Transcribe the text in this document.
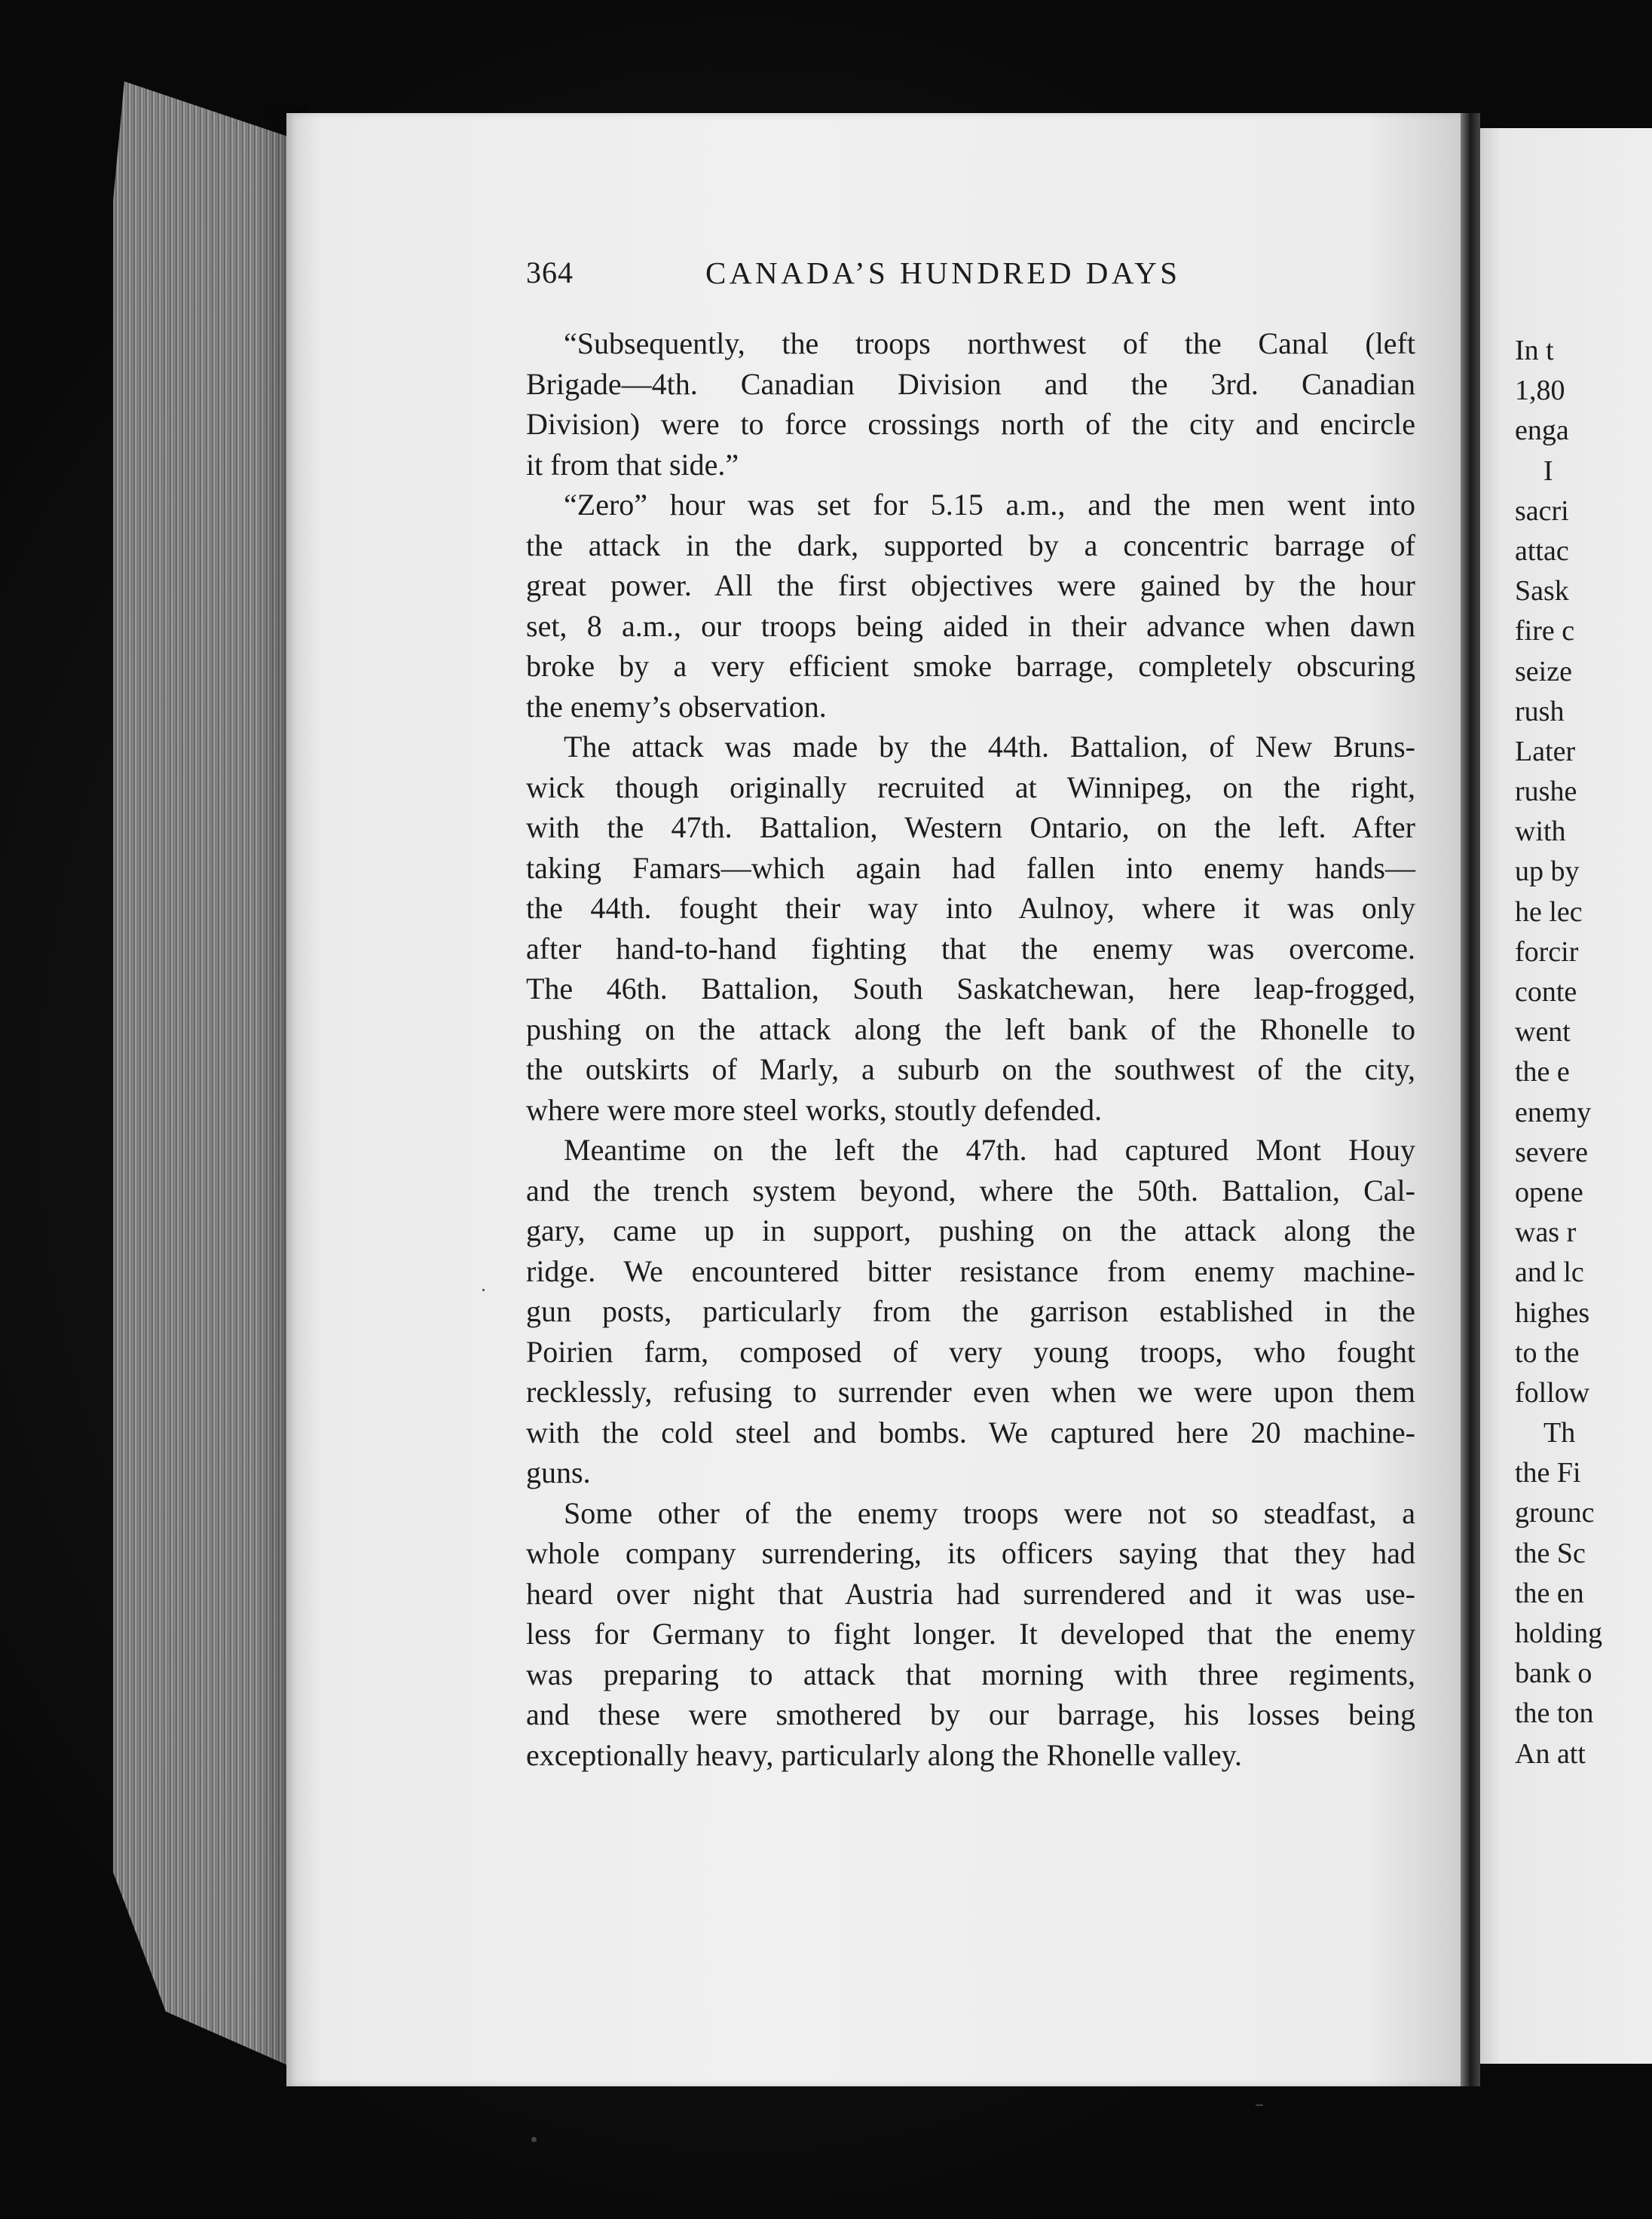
364	CANADA’S HUNDRED DAYS
“Subsequently, the troops northwest of the Canal (left
Brigade—4th. Canadian Division and the 3rd. Canadian
Division) were to force crossings north of the city and encircle
it from that side.”
“Zero” hour was set for 5.15 a.m., and the men went into
the attack in the dark, supported by a concentric barrage of
great power. All the first objectives were gained by the hour
set, 8 a.m., our troops being aided in their advance when dawn
broke by a very efficient smoke barrage, completely obscuring
the enemy’s observation.
The attack was made by the 44th. Battalion, of New Bruns-
wick though originally recruited at Winnipeg, on the right,
with the 47th. Battalion, Western Ontario, on the left. After
taking Famars—which again had fallen into enemy hands—
the 44th. fought their way into Aulnoy, where it was only
after hand-to-hand fighting that the enemy was overcome.
The 46th. Battalion, South Saskatchewan, here leap-frogged,
pushing on the attack along the left bank of the Rhonelle to
the outskirts of Marly, a suburb on the southwest of the city,
where were more steel works, stoutly defended.
Meantime on the left the 47th. had captured Mont Houy
and the trench system beyond, where the 50th. Battalion, Cal-
gary, came up in support, pushing on the attack along the
ridge. We encountered bitter resistance from enemy machine-
gun posts, particularly from the garrison established in the
Poirien farm, composed of very young troops, who fought
recklessly, refusing to surrender even when we were upon them
with the cold steel and bombs. We captured here 20 machine-
guns.
Some other of the enemy troops were not so steadfast, a
whole company surrendering, its officers saying that they had
heard over night that Austria had surrendered and it was use-
less for Germany to fight longer. It developed that the enemy
was preparing to attack that morning with three regiments,
and these were smothered by our barrage, his losses being
exceptionally heavy, particularly along the Rhonelle valley.
In t
1,80
enga
I
sacri
attac
Sask
fire c
seize
rush
Later
rushe
with
up by
he lec
forcir
conte
went
the e
enemy
severe
opene
was r
and lc
highes
to the
follow
Th
the Fi
grounc
the Sc
the en
holding
bank o
the ton
An att
